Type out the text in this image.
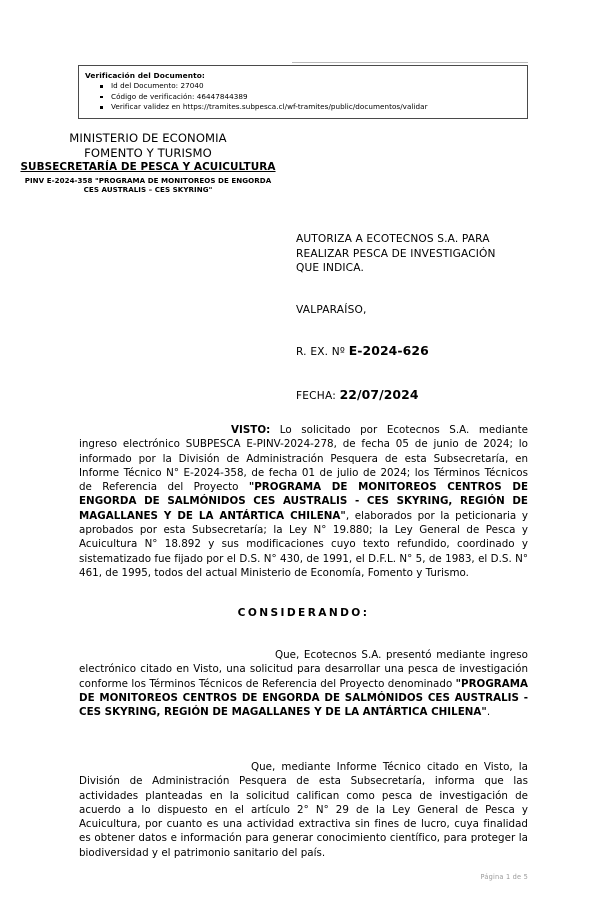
Verificación del Documento:
Id del Documento: 27040
Código de verificación: 46447844389
Verificar validez en https://tramites.subpesca.cl/wf-tramites/public/documentos/validar
MINISTERIO DE ECONOMIA
FOMENTO Y TURISMO
SUBSECRETARÍA DE PESCA Y ACUICULTURA
PINV E-2024-358 "PROGRAMA DE MONITOREOS DE ENGORDA CES AUSTRALIS – CES SKYRING"
AUTORIZA A ECOTECNOS S.A. PARA
REALIZAR PESCA DE INVESTIGACIÓN
QUE INDICA.
VALPARAÍSO,
R. EX. Nº E-2024-626
FECHA: 22/07/2024

VISTO: Lo solicitado por Ecotecnos S.A. mediante ingreso electrónico SUBPESCA E-PINV-2024-278, de fecha 05 de junio de 2024; lo informado por la División de Administración Pesquera de esta Subsecretaría, en Informe Técnico N° E-2024-358, de fecha 01 de julio de 2024; los Términos Técnicos de Referencia del Proyecto "PROGRAMA DE MONITOREOS CENTROS DE ENGORDA DE SALMÓNIDOS CES AUSTRALIS - CES SKYRING, REGIÓN DE MAGALLANES Y DE LA ANTÁRTICA CHILENA", elaborados por la peticionaria y aprobados por esta Subsecretaría; la Ley N° 19.880; la Ley General de Pesca y Acuicultura N° 18.892 y sus modificaciones cuyo texto refundido, coordinado y sistematizado fue fijado por el D.S. N° 430, de 1991, el D.F.L. N° 5, de 1983, el D.S. N° 461, de 1995, todos del actual Ministerio de Economía, Fomento y Turismo.

CONSIDERANDO:

Que, Ecotecnos S.A. presentó mediante ingreso electrónico citado en Visto, una solicitud para desarrollar una pesca de investigación conforme los Términos Técnicos de Referencia del Proyecto denominado "PROGRAMA DE MONITOREOS CENTROS DE ENGORDA DE SALMÓNIDOS CES AUSTRALIS - CES SKYRING, REGIÓN DE MAGALLANES Y DE LA ANTÁRTICA CHILENA".

Que, mediante Informe Técnico citado en Visto, la División de Administración Pesquera de esta Subsecretaría, informa que las actividades planteadas en la solicitud califican como pesca de investigación de acuerdo a lo dispuesto en el artículo 2° N° 29 de la Ley General de Pesca y Acuicultura, por cuanto es una actividad extractiva sin fines de lucro, cuya finalidad es obtener datos e información para generar conocimiento científico, para proteger la biodiversidad y el patrimonio sanitario del país.

Página 1 de 5
